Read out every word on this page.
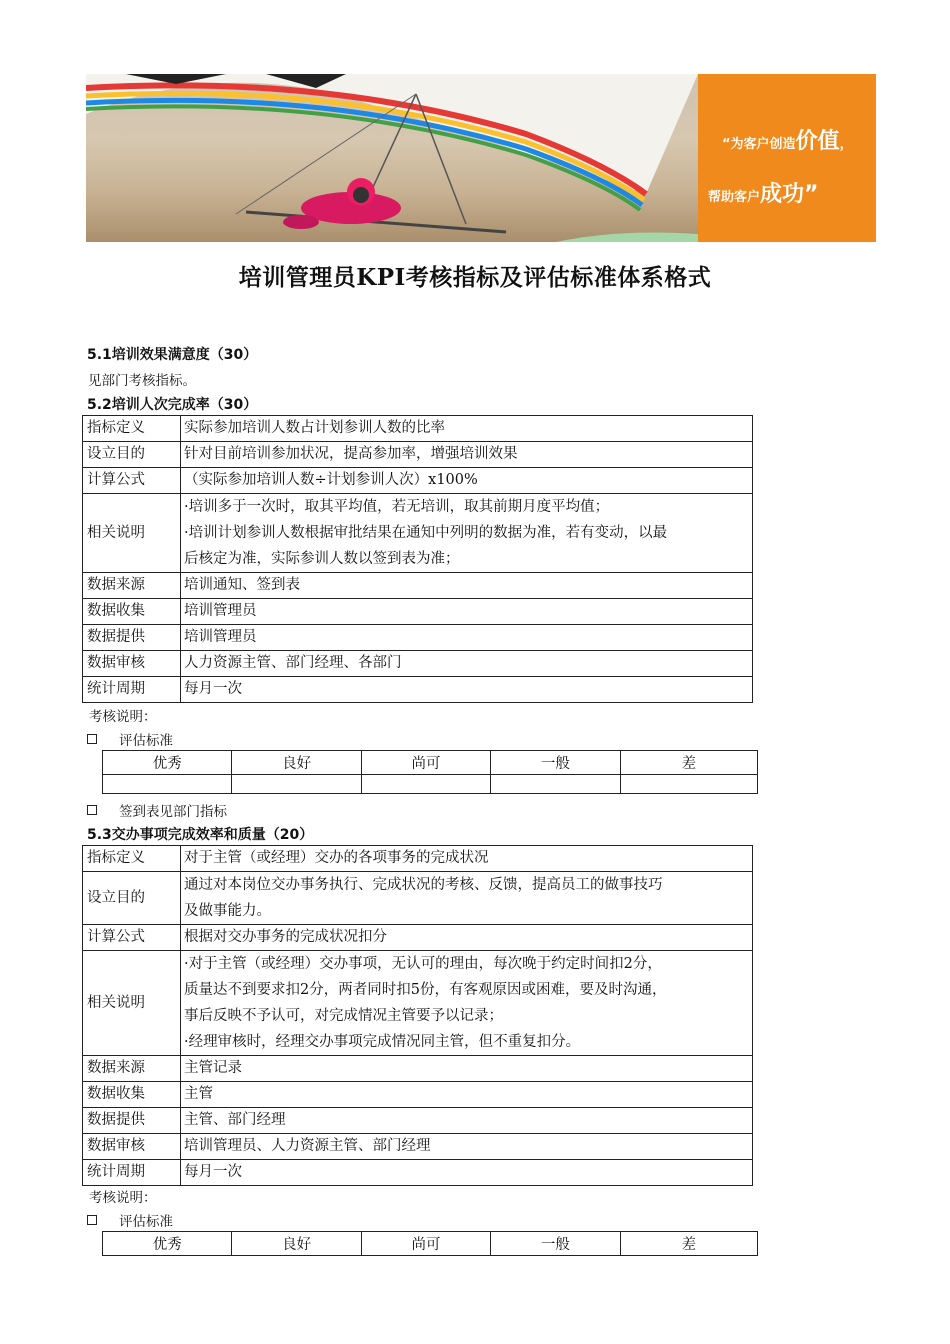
“为客户创造价值，
帮助客户成功”
培训管理员KPI考核指标及评估标准体系格式
5.1培训效果满意度（30）
见部门考核指标。
5.2培训人次完成率（30）
指标定义	实际参加培训人数占计划参训人数的比率

设立目的	针对目前培训参加状况，提高参加率，增强培训效果

计算公式	（实际参加培训人数÷计划参训人次）x100%

相关说明	·培训多于一次时，取其平均值，若无培训，取其前期月度平均值；
·培训计划参训人数根据审批结果在通知中列明的数据为准，若有变动，以最
后核定为准，实际参训人数以签到表为准；

数据来源	培训通知、签到表

数据收集	培训管理员

数据提供	培训管理员

数据审核	人力资源主管、部门经理、各部门

统计周期	每月一次
考核说明：
评估标准
优秀	良好	尚可	一般	差

签到表见部门指标
5.3交办事项完成效率和质量（20）
指标定义	对于主管（或经理）交办的各项事务的完成状况

设立目的	通过对本岗位交办事务执行、完成状况的考核、反馈，提高员工的做事技巧
及做事能力。

计算公式	根据对交办事务的完成状况扣分

相关说明	·对于主管（或经理）交办事项，无认可的理由，每次晚于约定时间扣2分，
质量达不到要求扣2分，两者同时扣5份，有客观原因或困难，要及时沟通，
事后反映不予认可，对完成情况主管要予以记录；
·经理审核时，经理交办事项完成情况同主管，但不重复扣分。

数据来源	主管记录

数据收集	主管

数据提供	主管、部门经理

数据审核	培训管理员、人力资源主管、部门经理

统计周期	每月一次
考核说明：
评估标准
优秀	良好	尚可	一般	差
